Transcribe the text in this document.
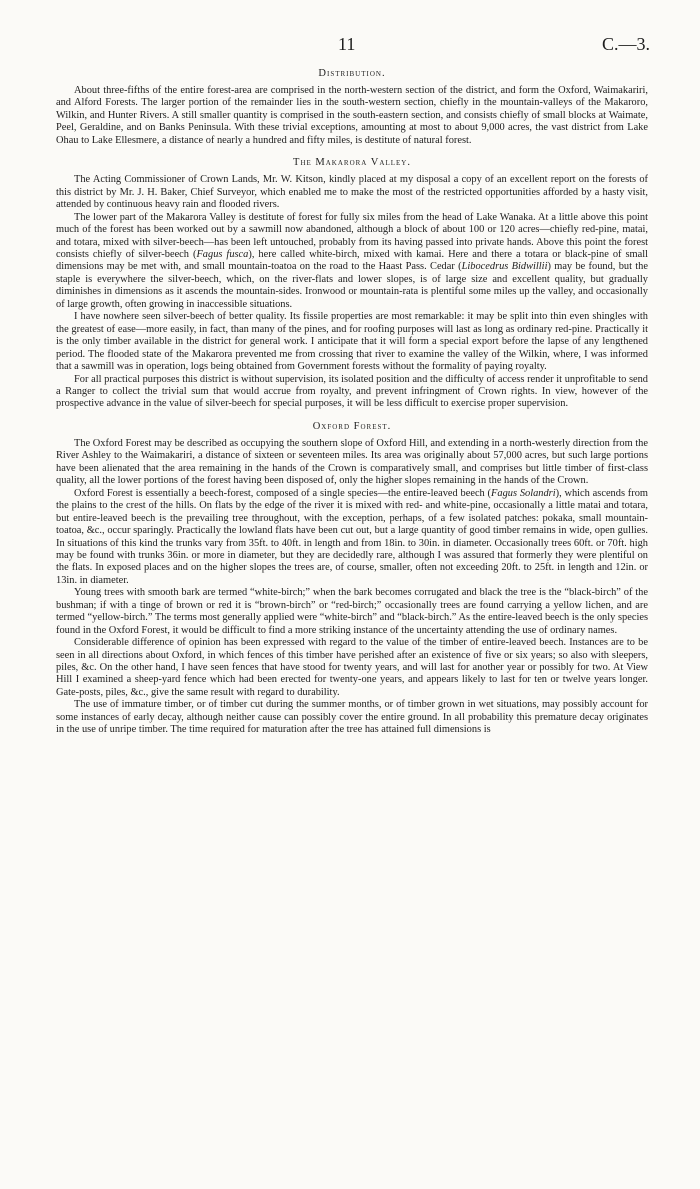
11	C.—3.
Distribution.

About three-fifths of the entire forest-area are comprised in the north-western section of the district, and form the Oxford, Waimakariri, and Alford Forests. The larger portion of the remainder lies in the south-western section, chiefly in the mountain-valleys of the Makaroro, Wilkin, and Hunter Rivers. A still smaller quantity is comprised in the south-eastern section, and consists chiefly of small blocks at Waimate, Peel, Geraldine, and on Banks Peninsula. With these trivial exceptions, amounting at most to about 9,000 acres, the vast district from Lake Ohau to Lake Ellesmere, a distance of nearly a hundred and fifty miles, is destitute of natural forest.

The Makarora Valley.

The Acting Commissioner of Crown Lands, Mr. W. Kitson, kindly placed at my disposal a copy of an excellent report on the forests of this district by Mr. J. H. Baker, Chief Surveyor, which enabled me to make the most of the restricted opportunities afforded by a hasty visit, attended by continuous heavy rain and flooded rivers.

The lower part of the Makarora Valley is destitute of forest for fully six miles from the head of Lake Wanaka. At a little above this point much of the forest has been worked out by a sawmill now abandoned, although a block of about 100 or 120 acres—chiefly red-pine, matai, and totara, mixed with silver-beech—has been left untouched, probably from its having passed into private hands. Above this point the forest consists chiefly of silver-beech (Fagus fusca), here called white-birch, mixed with kamai. Here and there a totara or black-pine of small dimensions may be met with, and small mountain-toatoa on the road to the Haast Pass. Cedar (Libocedrus Bidwillii) may be found, but the staple is everywhere the silver-beech, which, on the river-flats and lower slopes, is of large size and excellent quality, but gradually diminishes in dimensions as it ascends the mountain-sides. Ironwood or mountain-rata is plentiful some miles up the valley, and occasionally of large growth, often growing in inaccessible situations.

I have nowhere seen silver-beech of better quality. Its fissile properties are most remarkable: it may be split into thin even shingles with the greatest of ease—more easily, in fact, than many of the pines, and for roofing purposes will last as long as ordinary red-pine. Practically it is the only timber available in the district for general work. I anticipate that it will form a special export before the lapse of any lengthened period. The flooded state of the Makarora prevented me from crossing that river to examine the valley of the Wilkin, where, I was informed that a sawmill was in operation, logs being obtained from Government forests without the formality of paying royalty.

For all practical purposes this district is without supervision, its isolated position and the difficulty of access render it unprofitable to send a Ranger to collect the trivial sum that would accrue from royalty, and prevent infringment of Crown rights. In view, however of the prospective advance in the value of silver-beech for special purposes, it will be less difficult to exercise proper supervision.

Oxford Forest.

The Oxford Forest may be described as occupying the southern slope of Oxford Hill, and extending in a north-westerly direction from the River Ashley to the Waimakariri, a distance of sixteen or seventeen miles. Its area was originally about 57,000 acres, but such large portions have been alienated that the area remaining in the hands of the Crown is comparatively small, and comprises but little timber of first-class quality, all the lower portions of the forest having been disposed of, only the higher slopes remaining in the hands of the Crown.

Oxford Forest is essentially a beech-forest, composed of a single species—the entire-leaved beech (Fagus Solandri), which ascends from the plains to the crest of the hills. On flats by the edge of the river it is mixed with red- and white-pine, occasionally a little matai and totara, but entire-leaved beech is the prevailing tree throughout, with the exception, perhaps, of a few isolated patches: pokaka, small mountain-toatoa, &c., occur sparingly. Practically the lowland flats have been cut out, but a large quantity of good timber remains in wide, open gullies. In situations of this kind the trunks vary from 35ft. to 40ft. in length and from 18in. to 30in. in diameter. Occasionally trees 60ft. or 70ft. high may be found with trunks 36in. or more in diameter, but they are decidedly rare, although I was assured that formerly they were plentiful on the flats. In exposed places and on the higher slopes the trees are, of course, smaller, often not exceeding 20ft. to 25ft. in length and 12in. or 13in. in diameter.

Young trees with smooth bark are termed “white-birch;” when the bark becomes corrugated and black the tree is the “black-birch” of the bushman; if with a tinge of brown or red it is “brown-birch” or “red-birch;” occasionally trees are found carrying a yellow lichen, and are termed “yellow-birch.” The terms most generally applied were “white-birch” and “black-birch.” As the entire-leaved beech is the only species found in the Oxford Forest, it would be difficult to find a more striking instance of the uncertainty attending the use of ordinary names.

Considerable difference of opinion has been expressed with regard to the value of the timber of entire-leaved beech. Instances are to be seen in all directions about Oxford, in which fences of this timber have perished after an existence of five or six years; so also with sleepers, piles, &c. On the other hand, I have seen fences that have stood for twenty years, and will last for another year or possibly for two. At View Hill I examined a sheep-yard fence which had been erected for twenty-one years, and appears likely to last for ten or twelve years longer. Gate-posts, piles, &c., give the same result with regard to durability.

The use of immature timber, or of timber cut during the summer months, or of timber grown in wet situations, may possibly account for some instances of early decay, although neither cause can possibly cover the entire ground. In all probability this premature decay originates in the use of unripe timber. The time required for maturation after the tree has attained full dimensions is
